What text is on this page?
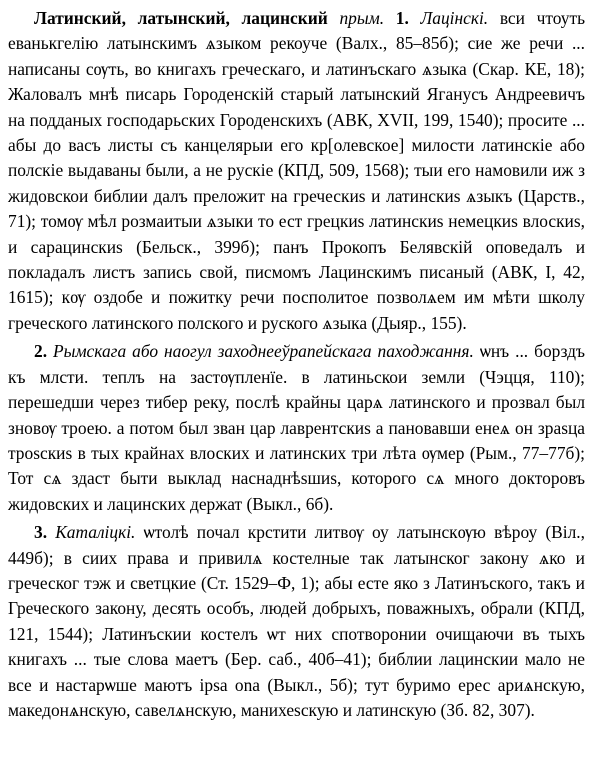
Латинский, латынский, лацинский прым. 1. Лацінскі. вси чтоуть еванькгелію латынскимъ ѧзыком рекоуче (Валх., 85–85б); сие же речи ... написаны сѹть, во книгахъ греческаго, и латинъскаго ѧзыка (Скар. КЕ, 18); Жаловалъ мнѣ писарь Городенскій старый латынский Яганусъ Андреевичъ на подданых господарьских Городенскихъ (АВК, XVII, 199, 1540); просите ... абы до васъ листы съ канцелярыи его кр[олевское] милости латинскіе або полскіе выдаваны были, а не рускіе (КПД, 509, 1568); тыи его намовили иж з жидовскои библии далъ преложит на греческиѕ и латинскиѕ ѧзыкъ (Царств., 71); томѹ мѣл розмаитыи ѧзыки то ест грецкиѕ латинскиѕ немецкиѕ влоскиѕ, и сарацинскиѕ (Бельск., 399б); панъ Прокопъ Белявскій оповедалъ и покладалъ листъ запись свой, писмомъ Лацинскимъ писаный (АВК, I, 42, 1615); кѹ оздобе и пожитку речи посполитое позволѧем им мѣти школу греческого латинского полского и руского ѧзыка (Дыяр., 155).

2. Рымскага або наогул заходнееўрапейскага паходжання. ѡнъ ... борздъ къ млсти. теплъ на застѹпленїе. в латиньскои земли (Чэцця, 110); перешедши через тибер реку, послѣ крайны царѧ латинского и прозвал был зновѹ троею. а потом был зван цар лаврентскиѕ а пановавши енеѧ он зраѕца троѕскиѕ в тых крайнах влоских и латинских три лѣта ѹмер (Рым., 77–77б); Тот сѧ здаст быти выклад наснаднѣѕшиѕ, которого сѧ много докторовъ жидовских и лацинских держат (Выкл., 6б).

3. Каталіцкі. ѡтолѣ почал крстити литвѹ оу латынскѹю вѣроу (Віл., 449б); в сиих права и привилѧ костелные так латынског закону ѧко и греческог тэж и светцкие (Ст. 1529–Ф, 1); абы есте яко з Латинъского, такъ и Греческого закону, десять особъ, людей добрыхъ, поважныхъ, обрали (КПД, 121, 1544); Латинъскии костелъ ѡт них спотворонии очищаючи въ тыхъ книгахъ ... тые слова маетъ (Бер. саб., 40б–41); библии лацинскии мало не все и настарѡше маютъ ipsa ona (Выкл., 5б); тут буримо ерес ариѧнскую, македонѧнскую, савелѧнскую, манихеѕскую и латинскую (Зб. 82, 307).
